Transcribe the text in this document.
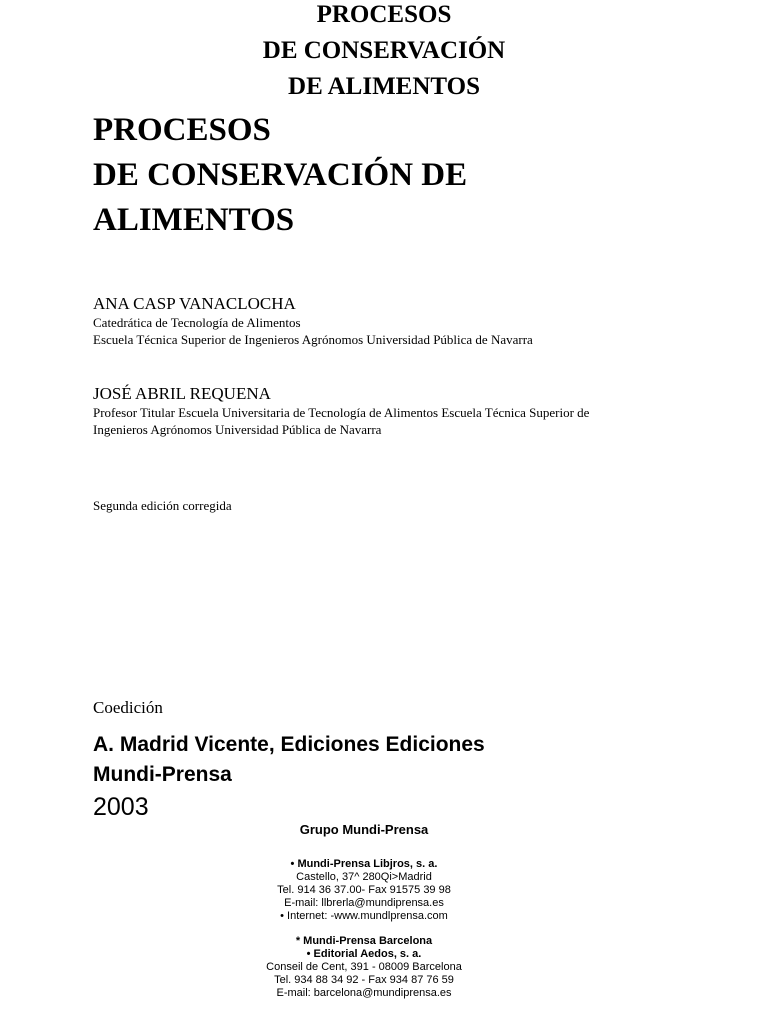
PROCESOS
DE CONSERVACIÓN
DE ALIMENTOS
PROCESOS
DE CONSERVACIÓN DE
ALIMENTOS
ANA CASP VANACLOCHA
Catedrática de Tecnología de Alimentos
Escuela Técnica Superior de Ingenieros Agrónomos Universidad Pública de Navarra
JOSÉ ABRIL REQUENA
Profesor Titular Escuela Universitaria de Tecnología de Alimentos Escuela Técnica Superior de
Ingenieros Agrónomos Universidad Pública de Navarra
Segunda edición corregida
Coedición
A. Madrid Vicente, Ediciones Ediciones
Mundi-Prensa
2003
Grupo Mundi-Prensa
• Mundi-Prensa Libjros, s. a.
Castello, 37^ 280Qi>Madrid
Tel. 914 36 37.00- Fax 91575 39 98
E-mail: llbrerla@mundiprensa.es
• Internet: -www.mundlprensa.com
* Mundi-Prensa Barcelona
• Editorial Aedos, s. a.
Conseil de Cent, 391 - 08009 Barcelona
Tel. 934 88 34 92 - Fax 934 87 76 59
E-mail: barcelona@mundiprensa.es
